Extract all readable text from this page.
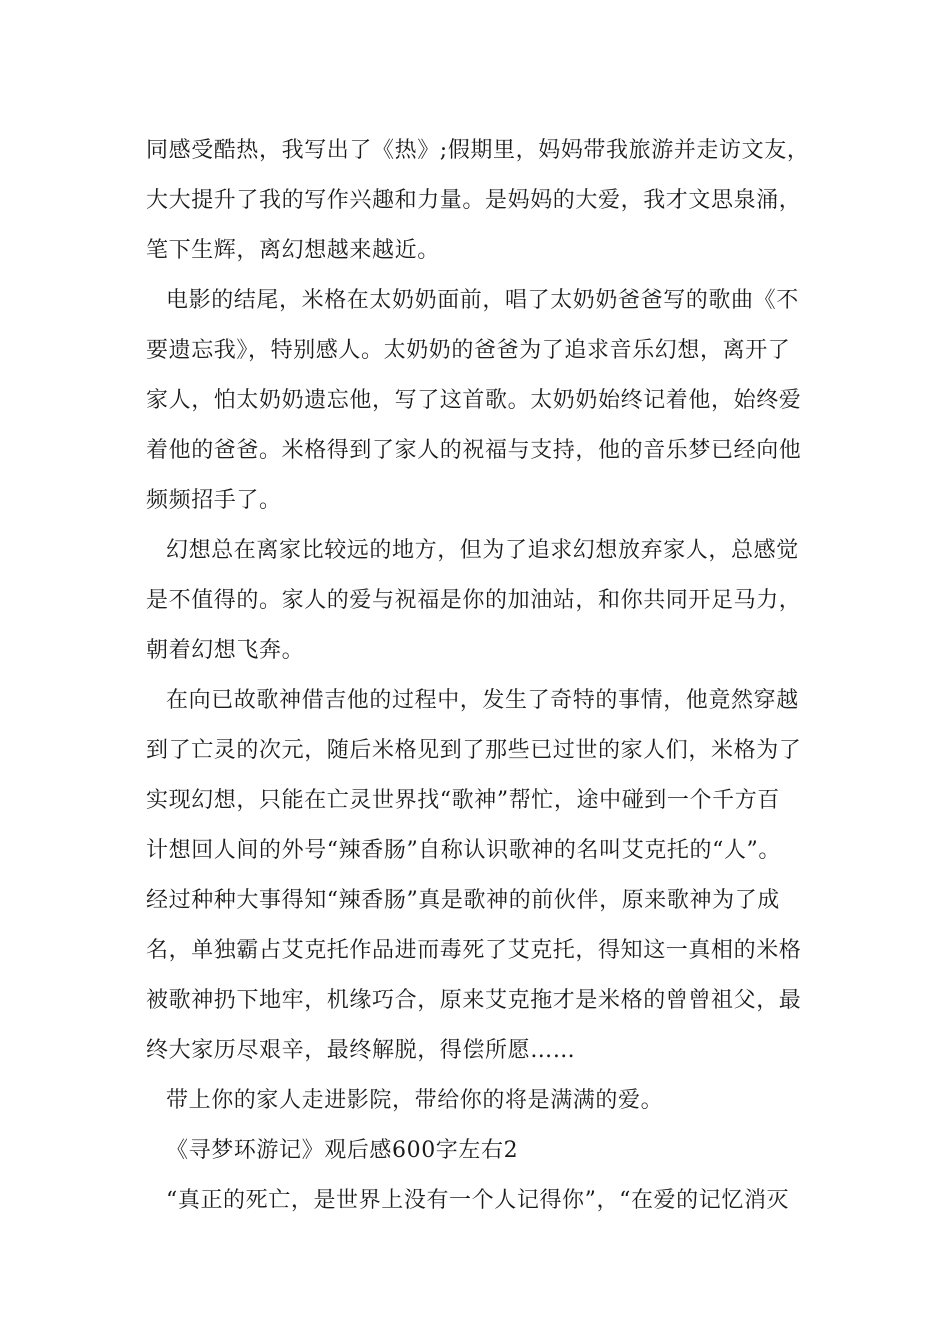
同感受酷热，我写出了《热》;假期里，妈妈带我旅游并走访文友，
大大提升了我的写作兴趣和力量。是妈妈的大爱，我才文思泉涌，
笔下生辉，离幻想越来越近。
电影的结尾，米格在太奶奶面前，唱了太奶奶爸爸写的歌曲《不
要遗忘我》，特别感人。太奶奶的爸爸为了追求音乐幻想，离开了
家人，怕太奶奶遗忘他，写了这首歌。太奶奶始终记着他，始终爱
着他的爸爸。米格得到了家人的祝福与支持，他的音乐梦已经向他
频频招手了。
幻想总在离家比较远的地方，但为了追求幻想放弃家人，总感觉
是不值得的。家人的爱与祝福是你的加油站，和你共同开足马力，
朝着幻想飞奔。
在向已故歌神借吉他的过程中，发生了奇特的事情，他竟然穿越
到了亡灵的次元，随后米格见到了那些已过世的家人们，米格为了
实现幻想，只能在亡灵世界找“歌神”帮忙，途中碰到一个千方百
计想回人间的外号“辣香肠”自称认识歌神的名叫艾克托的“人”。
经过种种大事得知“辣香肠”真是歌神的前伙伴，原来歌神为了成
名，单独霸占艾克托作品进而毒死了艾克托，得知这一真相的米格
被歌神扔下地牢，机缘巧合，原来艾克拖才是米格的曾曾祖父，最
终大家历尽艰辛，最终解脱，得偿所愿……
带上你的家人走进影院，带给你的将是满满的爱。
《寻梦环游记》观后感600字左右2
“真正的死亡，是世界上没有一个人记得你”，“在爱的记忆消灭
